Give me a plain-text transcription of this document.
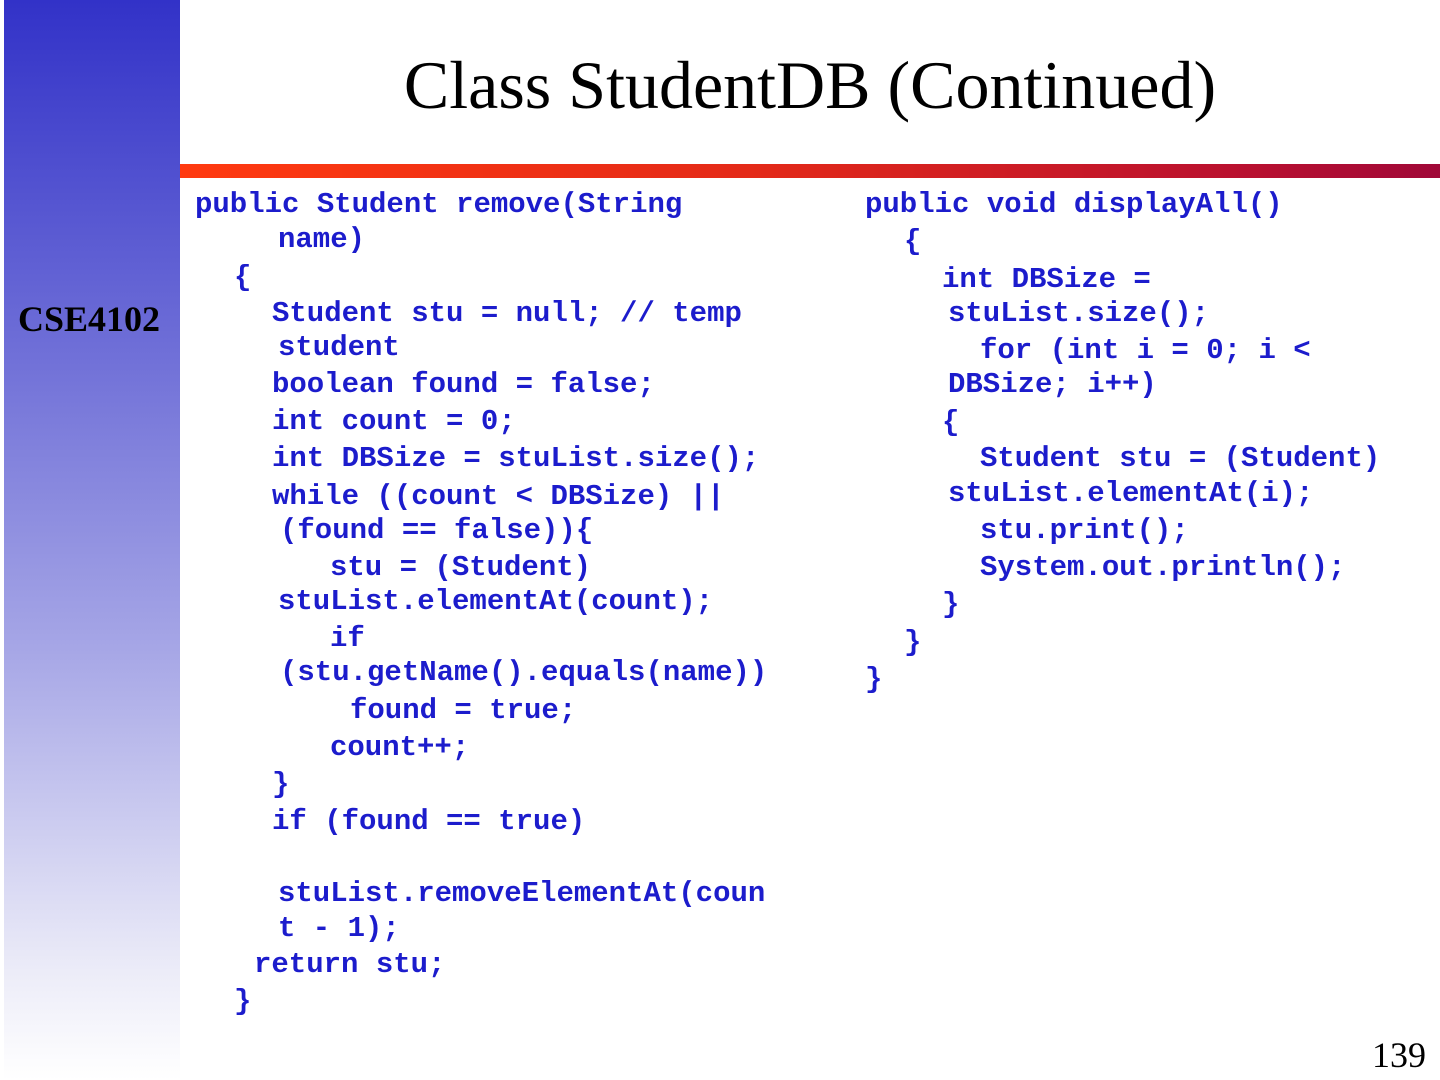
CSE4102
Class StudentDB (Continued)
public Student remove(String
name)
{
Student stu = null; // temp
student
boolean found = false;
int count = 0;
int DBSize = stuList.size();
while ((count < DBSize) ||
(found == false)){
stu = (Student)
stuList.elementAt(count);
if
(stu.getName().equals(name))
found = true;
count++;
}
if (found == true)
stuList.removeElementAt(coun
t - 1);
return stu;
}
public void displayAll()
{
int DBSize =
stuList.size();
for (int i = 0; i <
DBSize; i++)
{
Student stu = (Student)
stuList.elementAt(i);
stu.print();
System.out.println();
}
}
}
139
